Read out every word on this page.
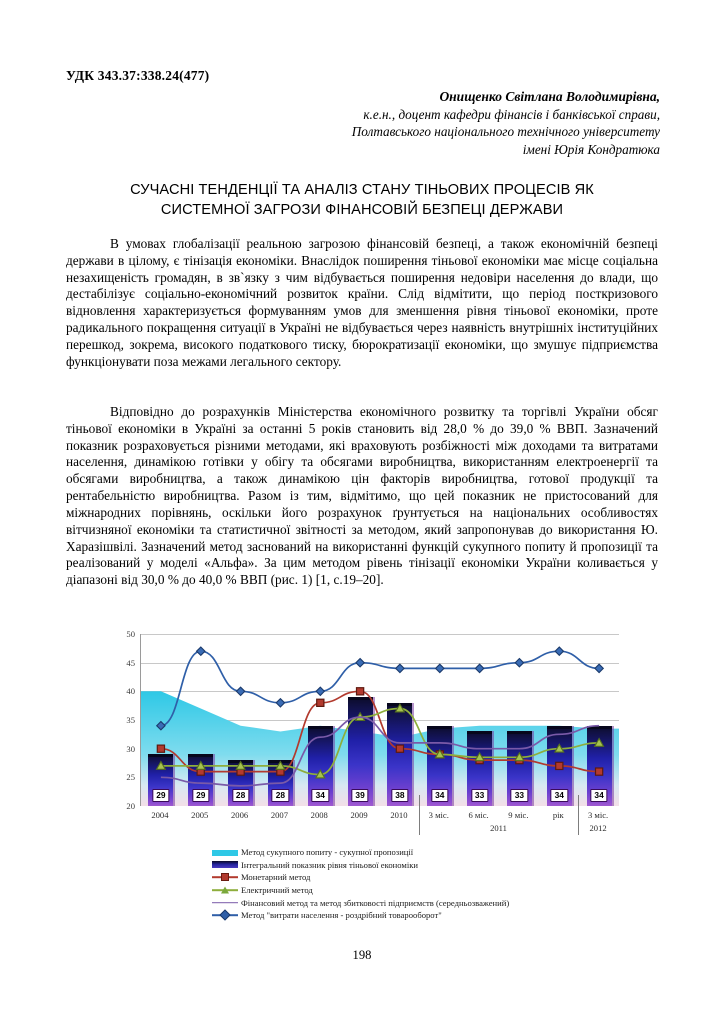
УДК 343.37:338.24(477)
Онищенко Світлана Володимирівна,
к.е.н., доцент кафедри фінансів і банківської справи,
Полтавського національного технічного університету
імені Юрія Кондратюка
СУЧАСНІ ТЕНДЕНЦІЇ ТА АНАЛІЗ СТАНУ ТІНЬОВИХ ПРОЦЕСІВ ЯК
СИСТЕМНОЇ ЗАГРОЗИ ФІНАНСОВІЙ БЕЗПЕЦІ ДЕРЖАВИ

В умовах глобалізації реальною загрозою фінансовій безпеці, а також економічній безпеці держави в цілому, є тінізація економіки. Внаслідок поширення тіньової економіки має місце соціальна незахищеність громадян, в зв`язку з чим відбувається поширення недовіри населення до влади, що дестабілізує соціально-економічний розвиток країни. Слід відмітити, що період посткризового відновлення характеризується формуванням умов для зменшення рівня тіньової економіки, проте радикального покращення ситуації в Україні не відбувається через наявність внутрішніх інституційних перешкод, зокрема, високого податкового тиску, бюрократизації економіки, що змушує підприємства функціонувати поза межами легального сектору.

Відповідно до розрахунків Міністерства економічного розвитку та торгівлі України обсяг тіньової економіки в Україні за останні 5 років становить від 28,0 % до 39,0 % ВВП. Зазначений показник розраховується різними методами, які враховують розбіжності між доходами та витратами населення, динамікою готівки у обігу та обсягами виробництва, використанням електроенергії та обсягами виробництва, а також динамікою цін факторів виробництва, готової продукції та рентабельністю виробництва. Разом із тим, відмітимо, що цей показник не пристосований для міжнародних порівнянь, оскільки його розрахунок ґрунтується на національних особливостях вітчизняної економіки та статистичної звітності за методом, який запропонував до використання Ю. Харазішвілі. Зазначений метод заснований на використанні функцій сукупного попиту й пропозиції та реалізований у моделі «Альфа». За цим методом рівень тінізації економіки України коливається у діапазоні від 30,0 % до 40,0 % ВВП (рис. 1) [1, с.19–20].

20
25
30
35
40
45
50
29	29	28	28	34	39	38	34	33	33	34	34
2004	2005	2006	2007	2008	2009	2010 3 міс. 6 міс. 9 міс.	рік	3 міс.
2011	2012
Метод сукупного попиту - сукупної пропозиції
Інтегральний показник рівня тіньової економіки
Монетарний метод
Електричний метод
Фінансовий метод та метод збитковості підприємств (середньозважений)
Метод "витрати населення - роздрібний товарооборот"
198
